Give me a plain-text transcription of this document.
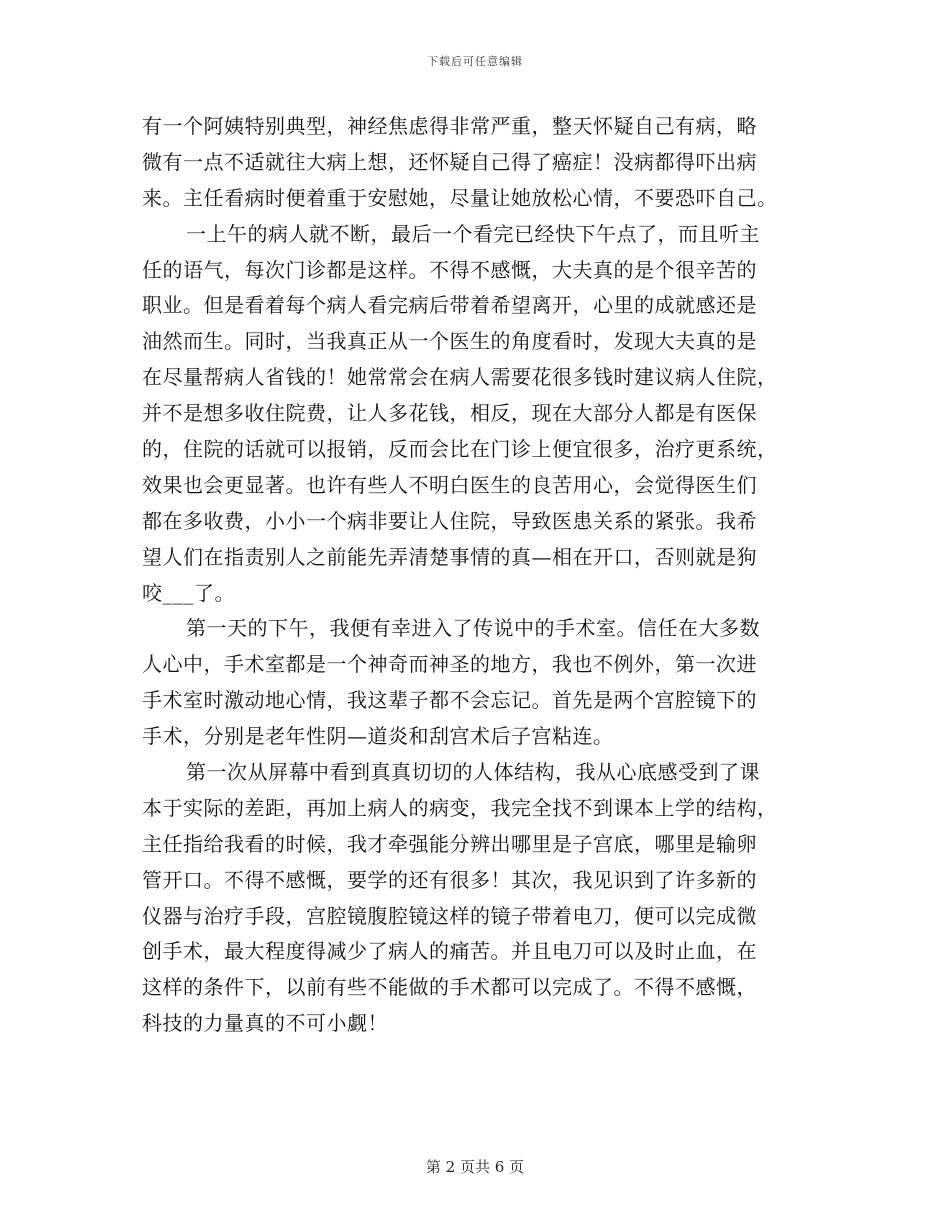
下载后可任意编辑
有一个阿姨特别典型，神经焦虑得非常严重，整天怀疑自己有病，略
微有一点不适就往大病上想，还怀疑自己得了癌症！没病都得吓出病
来。主任看病时便着重于安慰她，尽量让她放松心情，不要恐吓自己。
一上午的病人就不断，最后一个看完已经快下午点了，而且听主
任的语气，每次门诊都是这样。不得不感慨，大夫真的是个很辛苦的
职业。但是看着每个病人看完病后带着希望离开，心里的成就感还是
油然而生。同时，当我真正从一个医生的角度看时，发现大夫真的是
在尽量帮病人省钱的！她常常会在病人需要花很多钱时建议病人住院，
并不是想多收住院费，让人多花钱，相反，现在大部分人都是有医保
的，住院的话就可以报销，反而会比在门诊上便宜很多，治疗更系统，
效果也会更显著。也许有些人不明白医生的良苦用心，会觉得医生们
都在多收费，小小一个病非要让人住院，导致医患关系的紧张。我希
望人们在指责别人之前能先弄清楚事情的真—相在开口，否则就是狗
咬___了。
第一天的下午，我便有幸进入了传说中的手术室。信任在大多数
人心中，手术室都是一个神奇而神圣的地方，我也不例外，第一次进
手术室时激动地心情，我这辈子都不会忘记。首先是两个宫腔镜下的
手术，分别是老年性阴—道炎和刮宫术后子宫粘连。
第一次从屏幕中看到真真切切的人体结构，我从心底感受到了课
本于实际的差距，再加上病人的病变，我完全找不到课本上学的结构，
主任指给我看的时候，我才牵强能分辨出哪里是子宫底，哪里是输卵
管开口。不得不感慨，要学的还有很多！其次，我见识到了许多新的
仪器与治疗手段，宫腔镜腹腔镜这样的镜子带着电刀，便可以完成微
创手术，最大程度得减少了病人的痛苦。并且电刀可以及时止血，在
这样的条件下，以前有些不能做的手术都可以完成了。不得不感慨，
科技的力量真的不可小觑！
第 2 页共 6 页
